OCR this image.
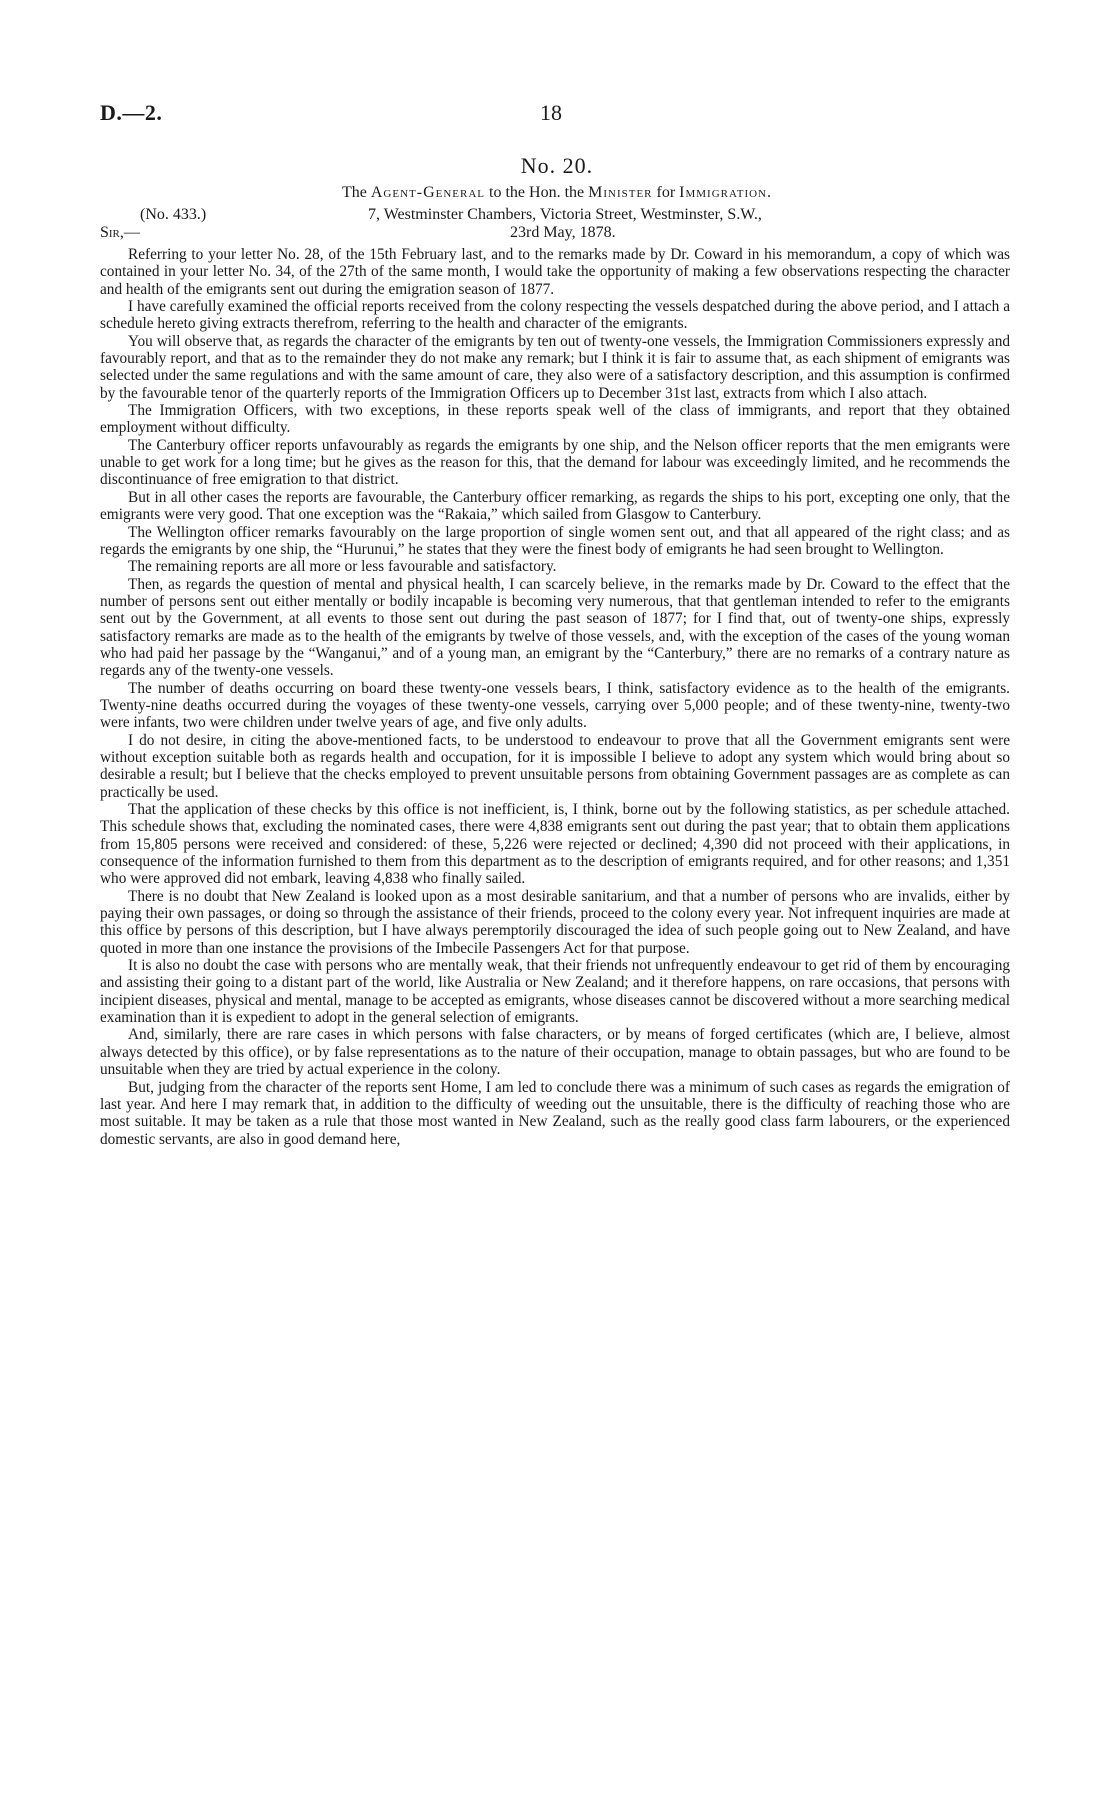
D.—2.	18
No. 20.
The Agent-General to the Hon. the Minister for Immigration.
(No. 433.)	7, Westminster Chambers, Victoria Street, Westminster, S.W.,
Sir,—	23rd May, 1878.

Referring to your letter No. 28, of the 15th February last, and to the remarks made by Dr. Coward in his memorandum, a copy of which was contained in your letter No. 34, of the 27th of the same month, I would take the opportunity of making a few observations respecting the character and health of the emigrants sent out during the emigration season of 1877.

I have carefully examined the official reports received from the colony respecting the vessels despatched during the above period, and I attach a schedule hereto giving extracts therefrom, referring to the health and character of the emigrants.

You will observe that, as regards the character of the emigrants by ten out of twenty-one vessels, the Immigration Commissioners expressly and favourably report, and that as to the remainder they do not make any remark; but I think it is fair to assume that, as each shipment of emigrants was selected under the same regulations and with the same amount of care, they also were of a satisfactory description, and this assumption is confirmed by the favourable tenor of the quarterly reports of the Immigration Officers up to December 31st last, extracts from which I also attach.

The Immigration Officers, with two exceptions, in these reports speak well of the class of immigrants, and report that they obtained employment without difficulty.

The Canterbury officer reports unfavourably as regards the emigrants by one ship, and the Nelson officer reports that the men emigrants were unable to get work for a long time; but he gives as the reason for this, that the demand for labour was exceedingly limited, and he recommends the discontinuance of free emigration to that district.

But in all other cases the reports are favourable, the Canterbury officer remarking, as regards the ships to his port, excepting one only, that the emigrants were very good. That one exception was the “Rakaia,” which sailed from Glasgow to Canterbury.

The Wellington officer remarks favourably on the large proportion of single women sent out, and that all appeared of the right class; and as regards the emigrants by one ship, the “Hurunui,” he states that they were the finest body of emigrants he had seen brought to Wellington.

The remaining reports are all more or less favourable and satisfactory.

Then, as regards the question of mental and physical health, I can scarcely believe, in the remarks made by Dr. Coward to the effect that the number of persons sent out either mentally or bodily incapable is becoming very numerous, that that gentleman intended to refer to the emigrants sent out by the Government, at all events to those sent out during the past season of 1877; for I find that, out of twenty-one ships, expressly satisfactory remarks are made as to the health of the emigrants by twelve of those vessels, and, with the exception of the cases of the young woman who had paid her passage by the “Wanganui,” and of a young man, an emigrant by the “Canterbury,” there are no remarks of a contrary nature as regards any of the twenty-one vessels.

The number of deaths occurring on board these twenty-one vessels bears, I think, satisfactory evidence as to the health of the emigrants. Twenty-nine deaths occurred during the voyages of these twenty-one vessels, carrying over 5,000 people; and of these twenty-nine, twenty-two were infants, two were children under twelve years of age, and five only adults.

I do not desire, in citing the above-mentioned facts, to be understood to endeavour to prove that all the Government emigrants sent were without exception suitable both as regards health and occupation, for it is impossible I believe to adopt any system which would bring about so desirable a result; but I believe that the checks employed to prevent unsuitable persons from obtaining Government passages are as complete as can practically be used.

That the application of these checks by this office is not inefficient, is, I think, borne out by the following statistics, as per schedule attached. This schedule shows that, excluding the nominated cases, there were 4,838 emigrants sent out during the past year; that to obtain them applications from 15,805 persons were received and considered: of these, 5,226 were rejected or declined; 4,390 did not proceed with their applications, in consequence of the information furnished to them from this department as to the description of emigrants required, and for other reasons; and 1,351 who were approved did not embark, leaving 4,838 who finally sailed.

There is no doubt that New Zealand is looked upon as a most desirable sanitarium, and that a number of persons who are invalids, either by paying their own passages, or doing so through the assistance of their friends, proceed to the colony every year. Not infrequent inquiries are made at this office by persons of this description, but I have always peremptorily discouraged the idea of such people going out to New Zealand, and have quoted in more than one instance the provisions of the Imbecile Passengers Act for that purpose.

It is also no doubt the case with persons who are mentally weak, that their friends not unfrequently endeavour to get rid of them by encouraging and assisting their going to a distant part of the world, like Australia or New Zealand; and it therefore happens, on rare occasions, that persons with incipient diseases, physical and mental, manage to be accepted as emigrants, whose diseases cannot be discovered without a more searching medical examination than it is expedient to adopt in the general selection of emigrants.

And, similarly, there are rare cases in which persons with false characters, or by means of forged certificates (which are, I believe, almost always detected by this office), or by false representations as to the nature of their occupation, manage to obtain passages, but who are found to be unsuitable when they are tried by actual experience in the colony.

But, judging from the character of the reports sent Home, I am led to conclude there was a minimum of such cases as regards the emigration of last year. And here I may remark that, in addition to the difficulty of weeding out the unsuitable, there is the difficulty of reaching those who are most suitable. It may be taken as a rule that those most wanted in New Zealand, such as the really good class farm labourers, or the experienced domestic servants, are also in good demand here,
